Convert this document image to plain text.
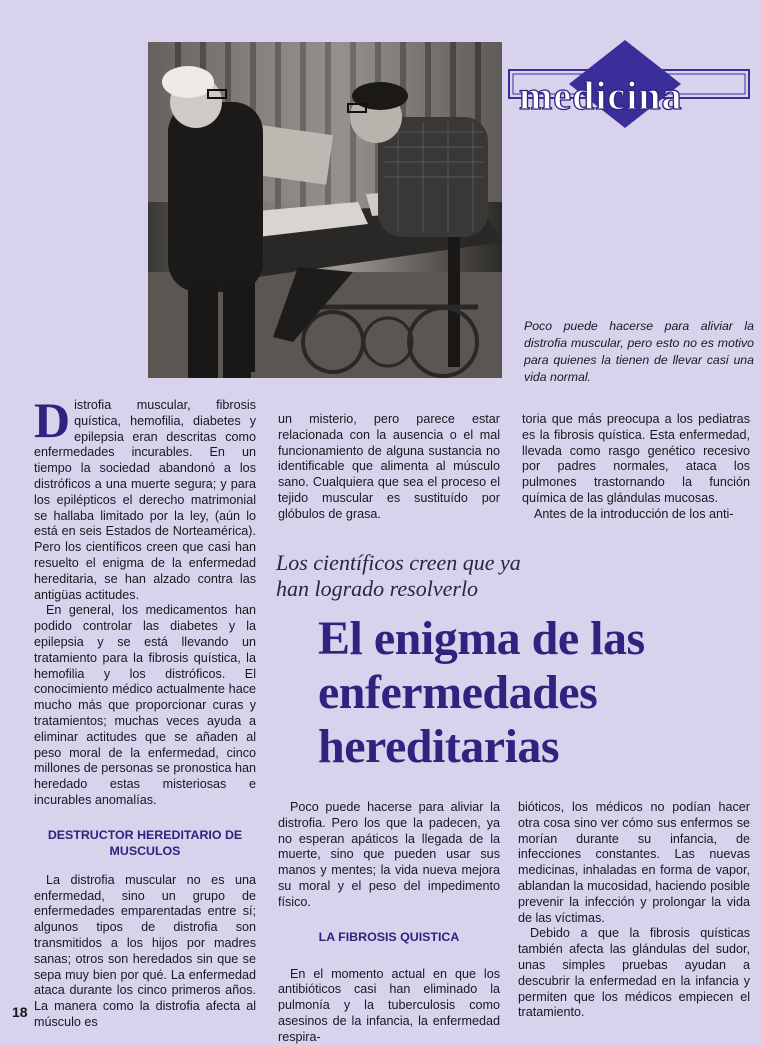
medicina
Poco puede hacerse para aliviar la distrofia muscular, pero esto no es motivo para quienes la tienen de llevar casi una vida normal.

Distrofia muscular, fibrosis quística, hemofilia, diabetes y epilepsia eran descritas como enfermedades incurables. En un tiempo la sociedad abandonó a los distróficos a una muerte segura; y para los epilépticos el derecho matrimonial se hallaba limitado por la ley, (aún lo está en seis Estados de Norteamérica). Pero los científicos creen que casi han resuelto el enigma de la enfermedad hereditaria, se han alzado contra las antigüas actitudes.

En general, los medicamentos han podido controlar las diabetes y la epilepsia y se está llevando un tratamiento para la fibrosis quística, la hemofilia y los distróficos. El conocimiento médico actualmente hace mucho más que proporcionar curas y tratamientos; muchas veces ayuda a eliminar actitudes que se añaden al peso moral de la enfermedad, cinco millones de personas se pronostica han heredado estas misteriosas e incurables anomalías.

DESTRUCTOR HEREDITARIO DE MUSCULOS

La distrofia muscular no es una enfermedad, sino un grupo de enfermedades emparentadas entre sí; algunos tipos de distrofia son transmitidos a los hijos por madres sanas; otros son heredados sin que se sepa muy bien por qué. La enfermedad ataca durante los cinco primeros años. La manera como la distrofia afecta al músculo es

un misterio, pero parece estar relacionada con la ausencia o el mal funcionamiento de alguna sustancia no identificable que alimenta al músculo sano. Cualquiera que sea el proceso el tejido muscular es sustituído por glóbulos de grasa.

toria que más preocupa a los pediatras es la fibrosis quística. Esta enfermedad, llevada como rasgo genético recesivo por padres normales, ataca los pulmones trastornando la función química de las glándulas mucosas.

Antes de la introducción de los anti-

Los científicos creen que ya han logrado resolverlo
El enigma de las
enfermedades
hereditarias

Poco puede hacerse para aliviar la distrofia. Pero los que la padecen, ya no esperan apáticos la llegada de la muerte, sino que pueden usar sus manos y mentes; la vida nueva mejora su moral y el peso del impedimento físico.

LA FIBROSIS QUISTICA

En el momento actual en que los antibióticos casi han eliminado la pulmonía y la tuberculosis como asesinos de la infancia, la enfermedad respira-

bióticos, los médicos no podían hacer otra cosa sino ver cómo sus enfermos se morían durante su infancia, de infecciones constantes. Las nuevas medicinas, inhaladas en forma de vapor, ablandan la mucosidad, haciendo posible prevenir la infección y prolongar la vida de las víctimas.

Debido a que la fibrosis quísticas también afecta las glándulas del sudor, unas simples pruebas ayudan a descubrir la enfermedad en la infancia y permiten que los médicos empiecen el tratamiento.

18
